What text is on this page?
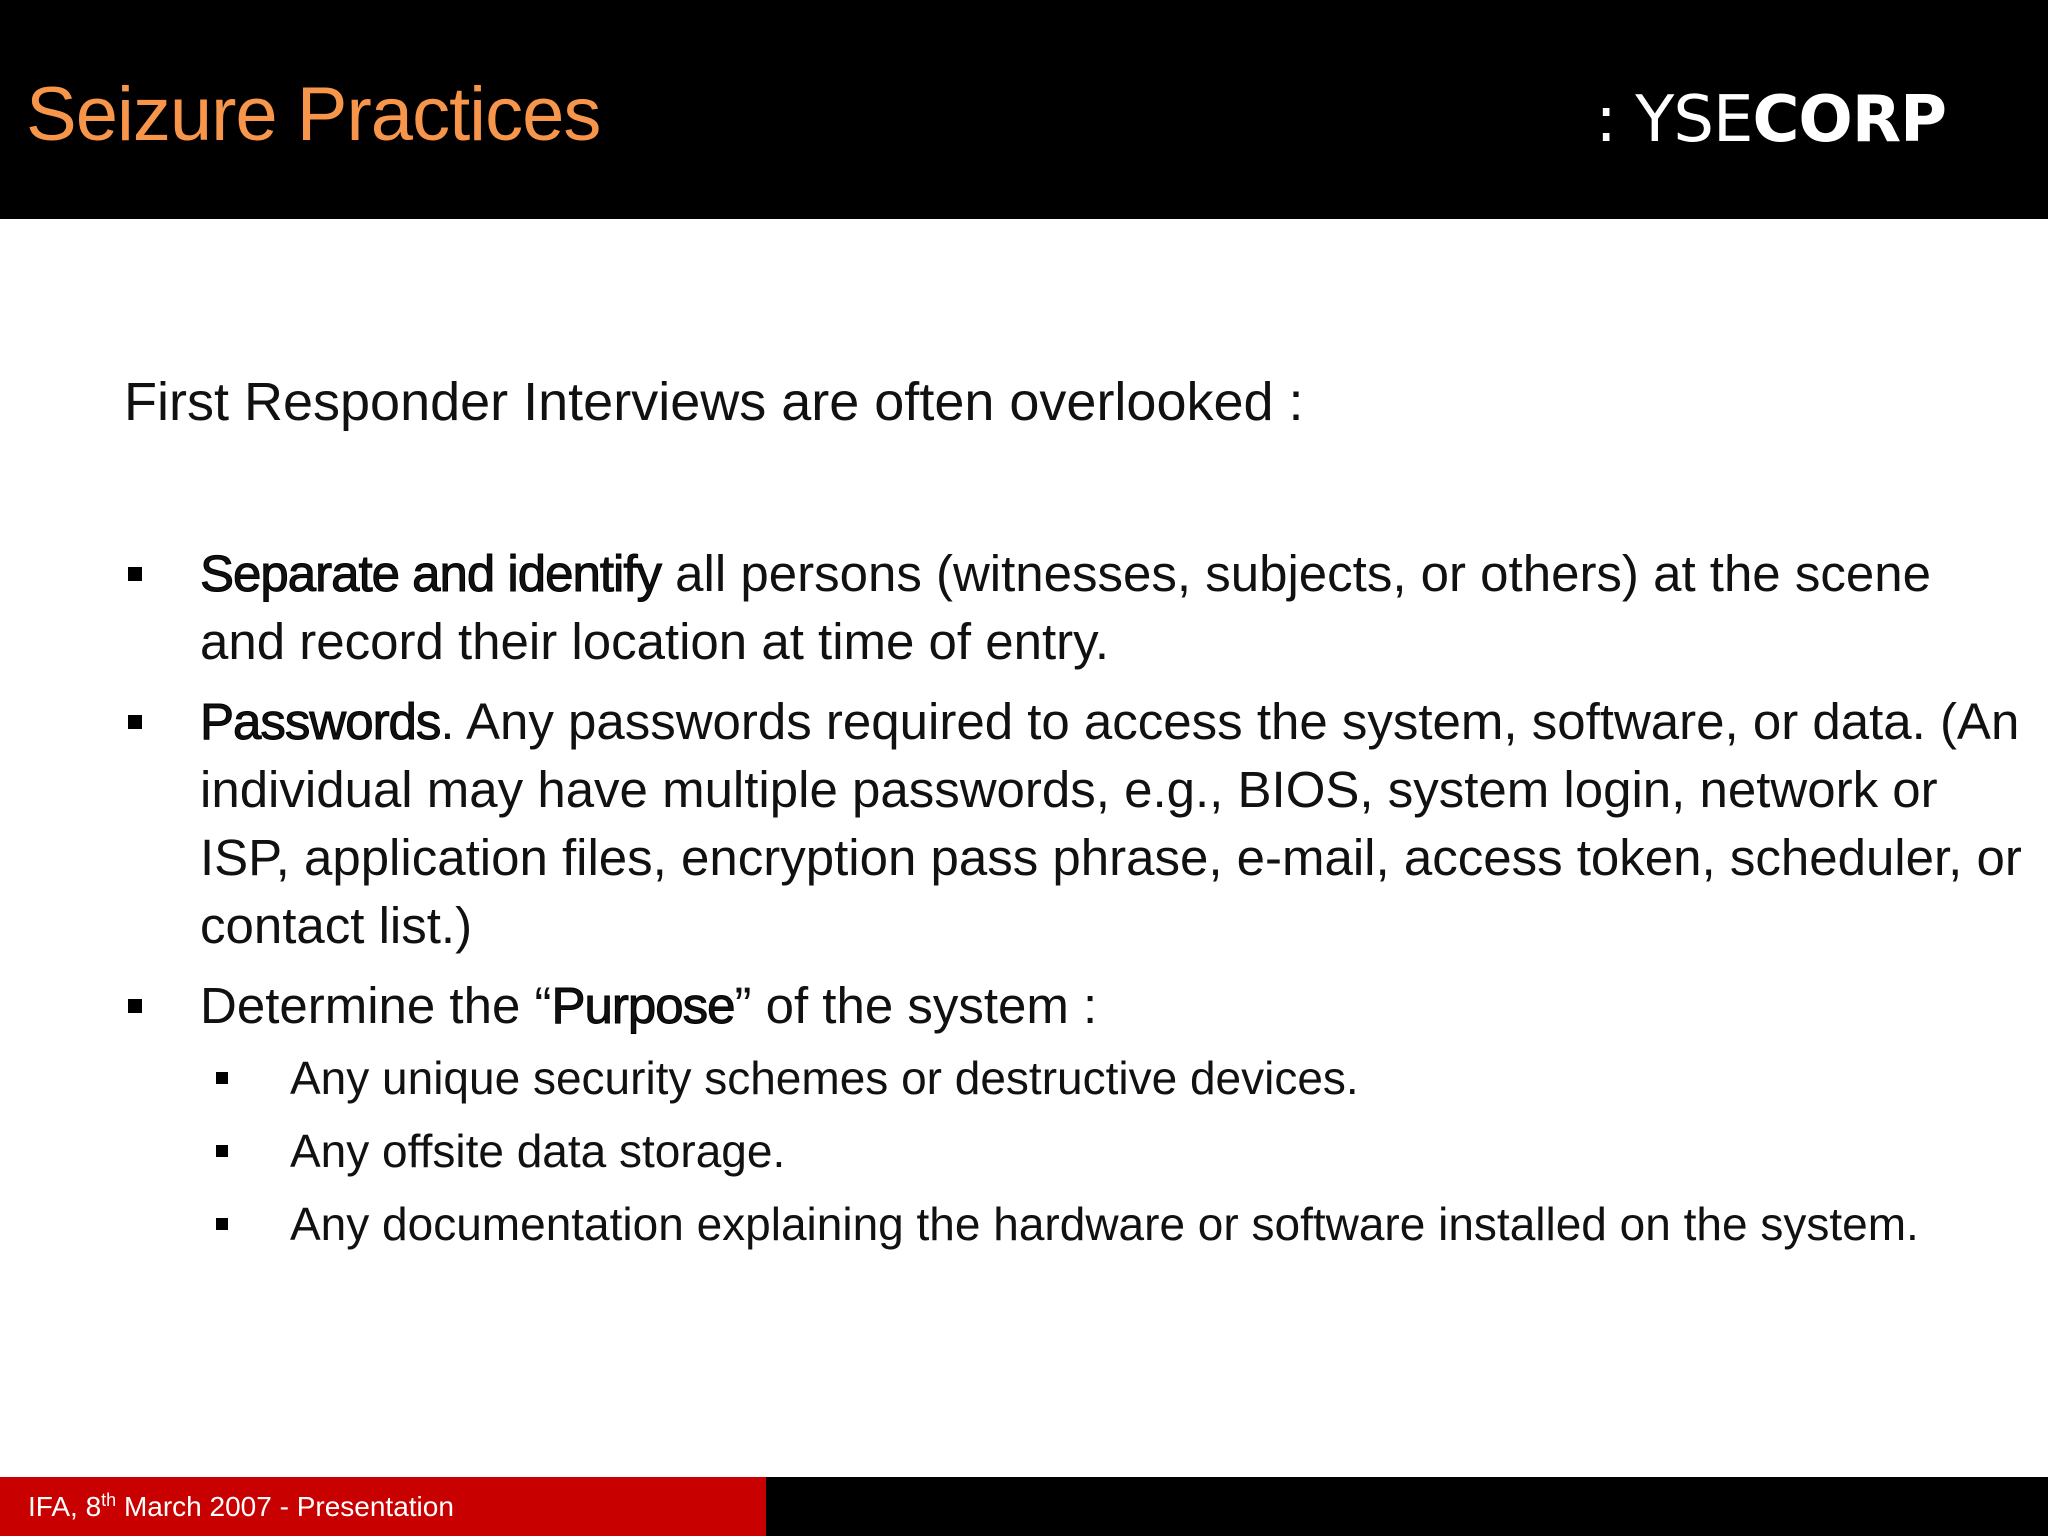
Seizure Practices	: YSECORP
First Responder Interviews are often overlooked :
Separate and identify all persons (witnesses, subjects, or others) at the scene and record their location at time of entry.
Passwords. Any passwords required to access the system, software, or data. (An individual may have multiple passwords, e.g., BIOS, system login, network or ISP, application files, encryption pass phrase, e-mail, access token, scheduler, or contact list.)
Determine the “Purpose” of the system :
Any unique security schemes or destructive devices.
Any offsite data storage.
Any documentation explaining the hardware or software installed on the system.
IFA, 8th March 2007 - Presentation
